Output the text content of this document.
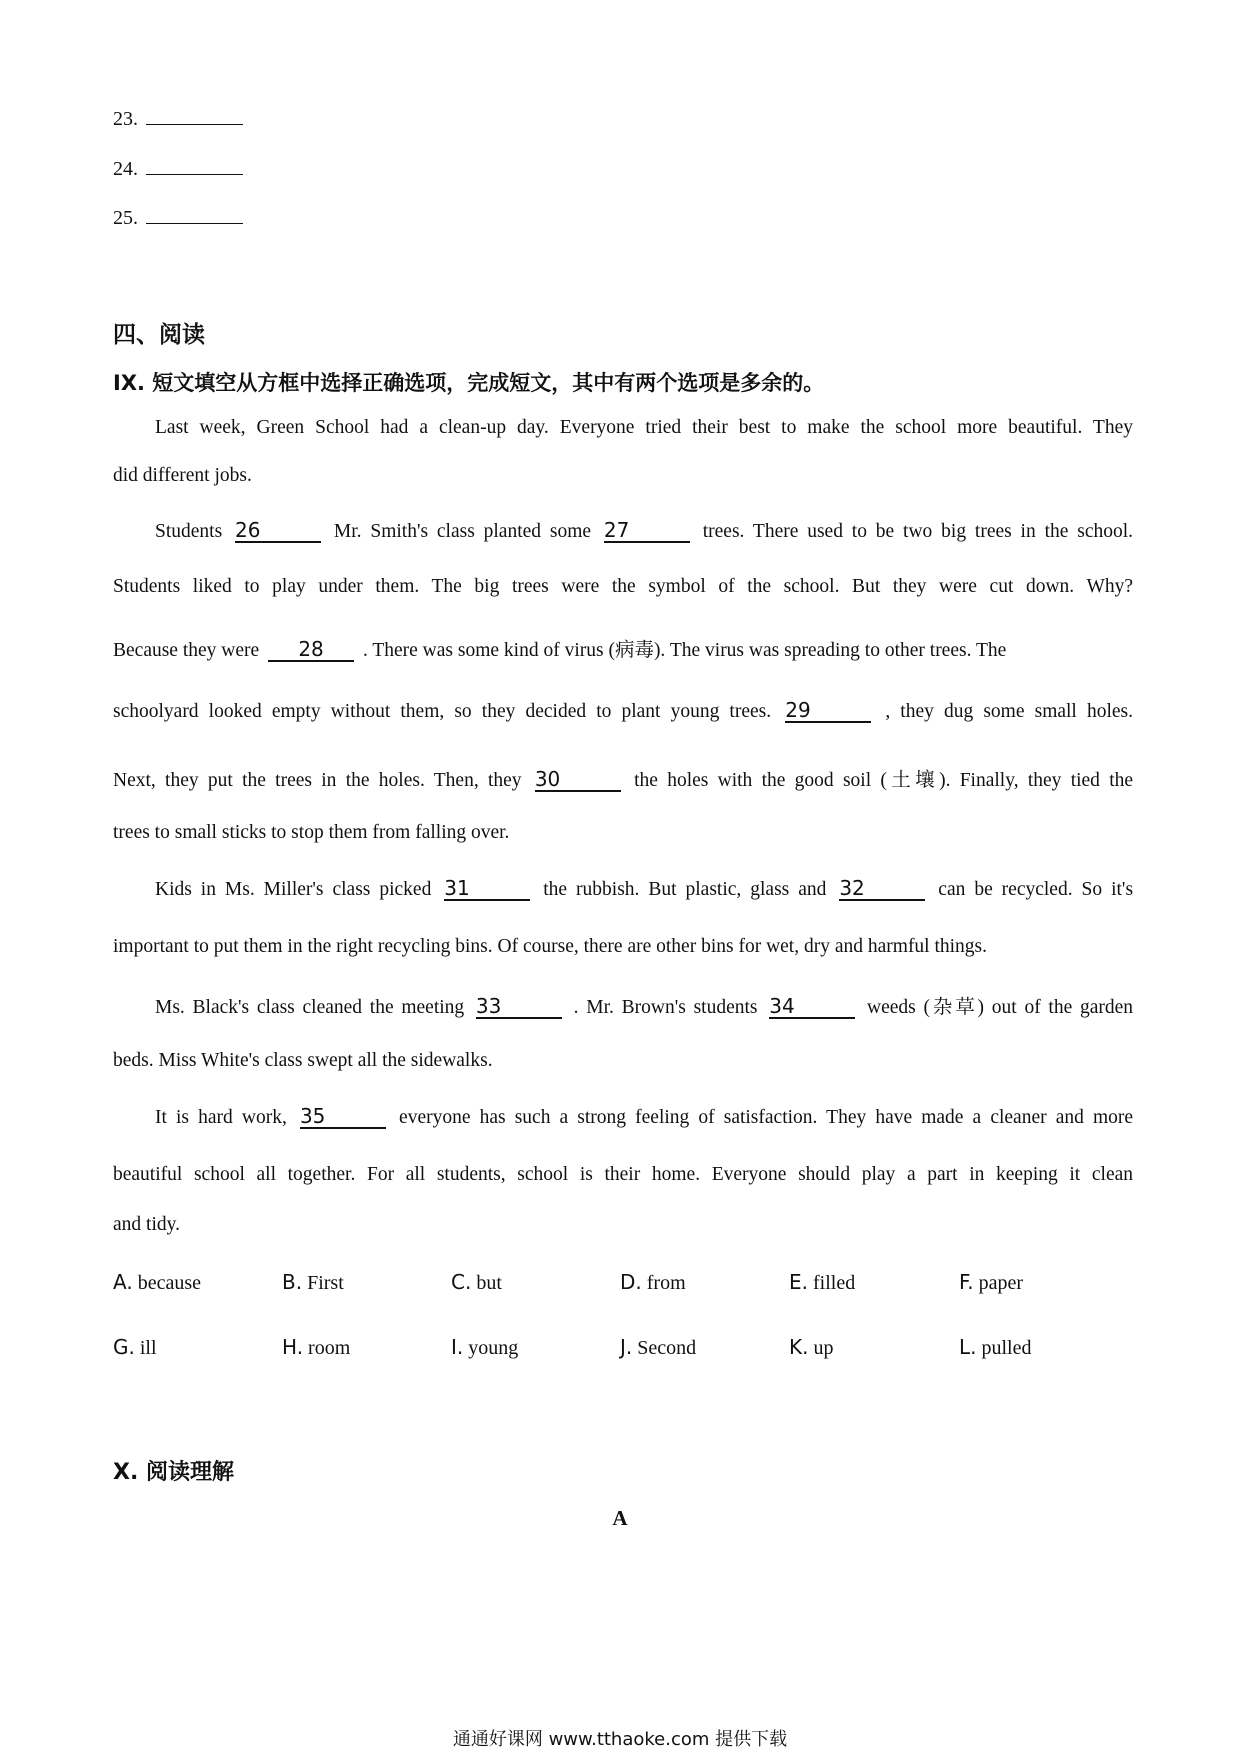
23.
24.
25.
四、阅读
IX. 短文填空从方框中选择正确选项，完成短文，其中有两个选项是多余的。
Last week, Green School had a clean-up day. Everyone tried their best to make the school more beautiful. They
did different jobs.
Students 26	Mr. Smith's class planted some 27	trees. There used to be two big trees in the school.
Students liked to play under them. The big trees were the symbol of the school. But they were cut down. Why?
Because they were 28 . There was some kind of virus (病毒). The virus was spreading to other trees. The
schoolyard looked empty without them, so they decided to plant young trees. 29	, they dug some small holes.
Next, they put the trees in the holes. Then, they 30	the holes with the good soil (土壤). Finally, they tied the
trees to small sticks to stop them from falling over.
Kids in Ms. Miller's class picked 31	the rubbish. But plastic, glass and 32	can be recycled. So it's
important to put them in the right recycling bins. Of course, there are other bins for wet, dry and harmful things.
Ms. Black's class cleaned the meeting 33	. Mr. Brown's students 34	weeds (杂草) out of the garden
beds. Miss White's class swept all the sidewalks.
It is hard work, 35	everyone has such a strong feeling of satisfaction. They have made a cleaner and more
beautiful school all together. For all students, school is their home. Everyone should play a part in keeping it clean
and tidy.
A. because	B. First	C. but	D. from	E. filled	F. paper
G. ill	H. room	I. young	J. Second	K. up	L. pulled
X. 阅读理解
A
通通好课网 www.tthaoke.com 提供下载
